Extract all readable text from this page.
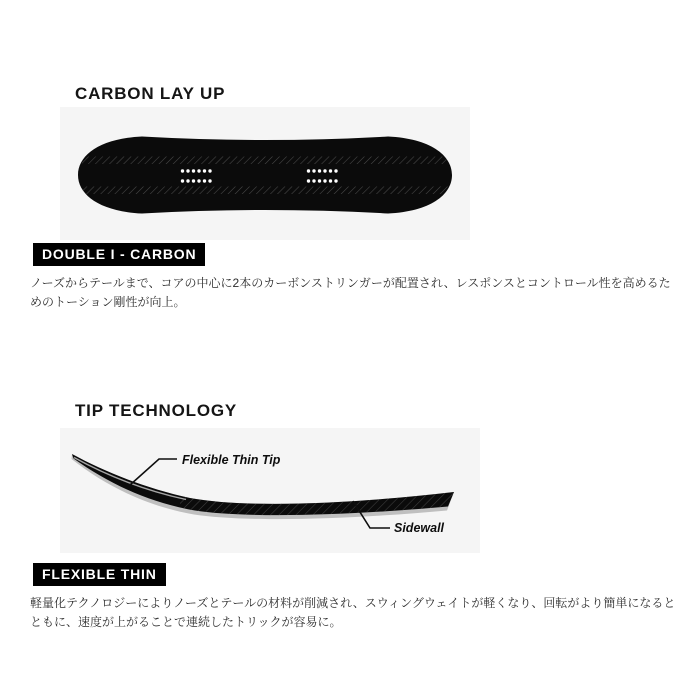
CARBON LAY UP
DOUBLE I - CARBON
ノーズからテールまで、コアの中心に2本のカーボンストリンガーが配置され、レスポンスとコントロール性を高めるためのトーション剛性が向上。
TIP TECHNOLOGY
Flexible Thin Tip
Sidewall
FLEXIBLE THIN
軽量化テクノロジーによりノーズとテールの材料が削減され、スウィングウェイトが軽くなり、回転がより簡単になるとともに、速度が上がることで連続したトリックが容易に。
